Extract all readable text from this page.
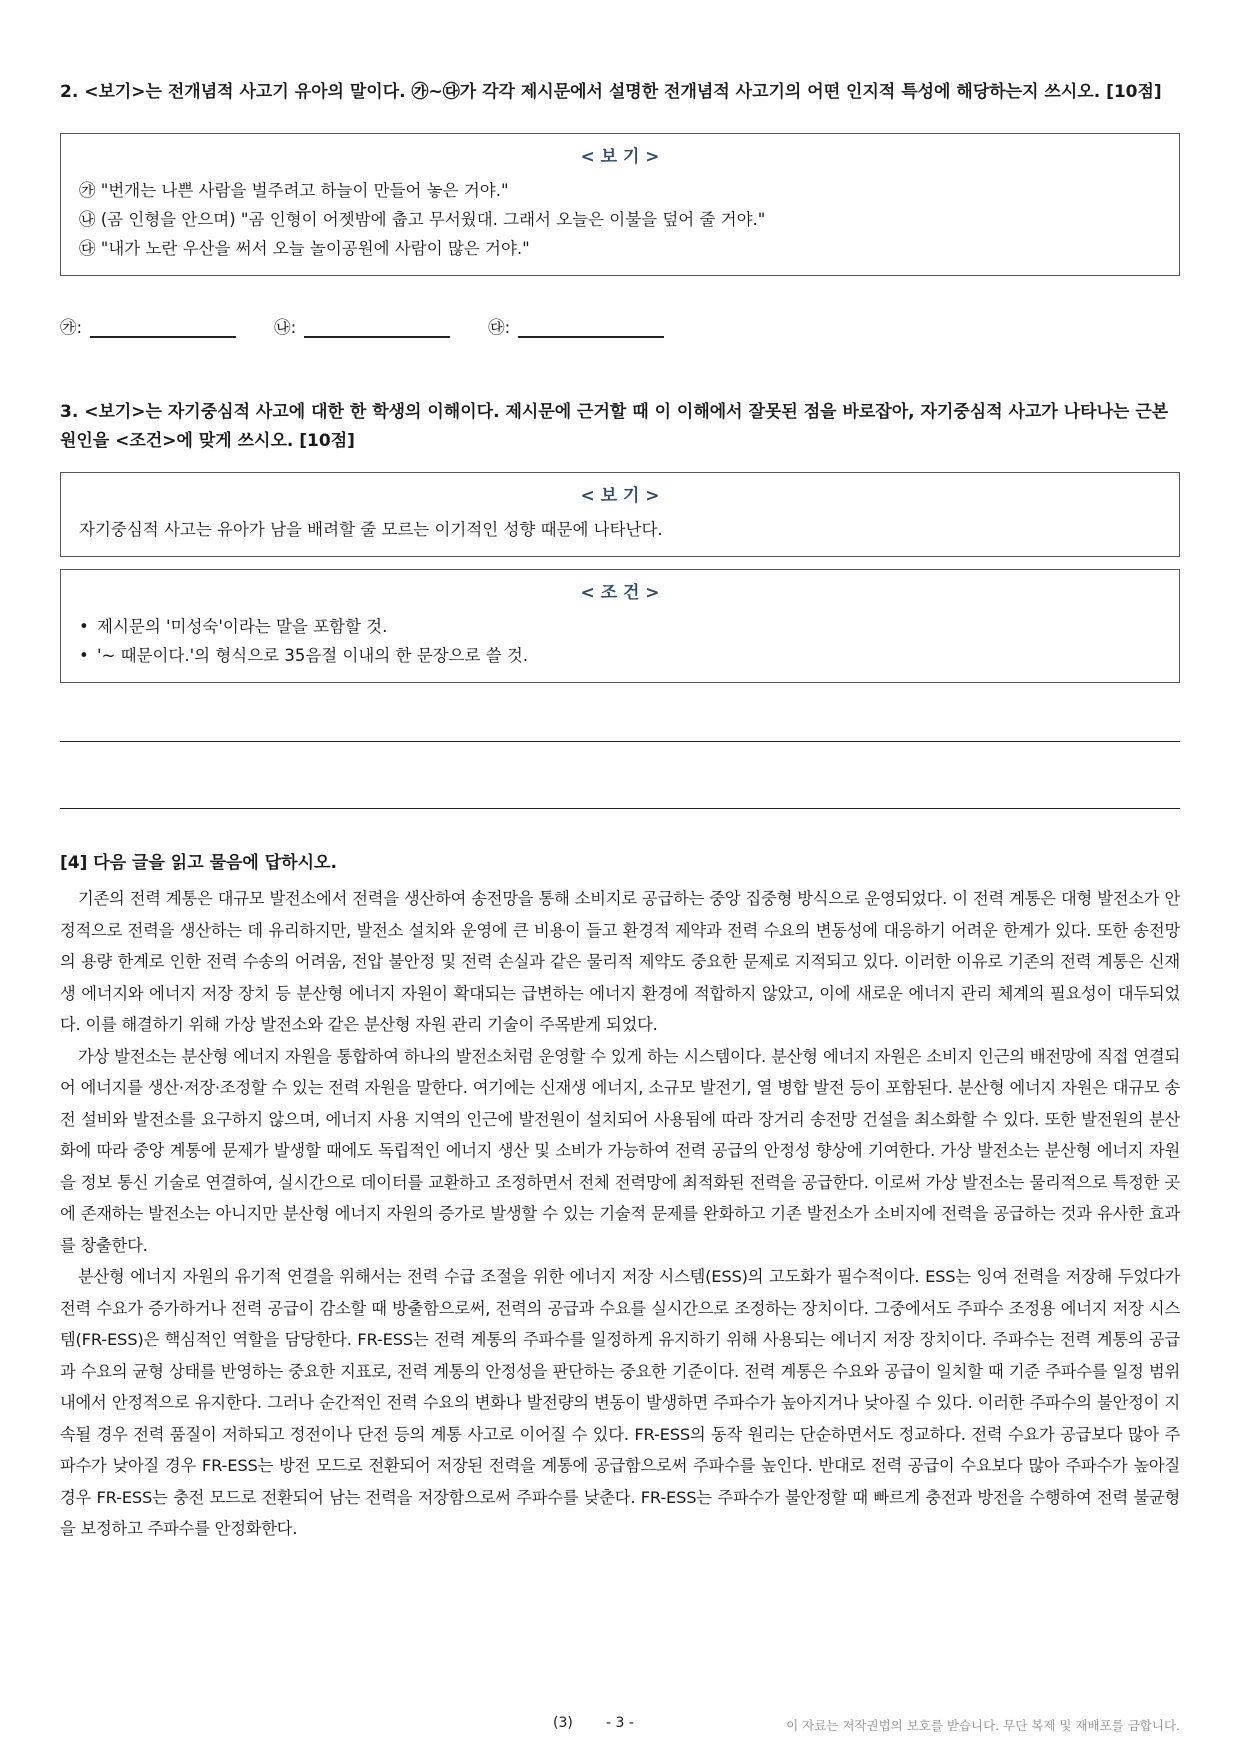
2. <보기>는 전개념적 사고기 유아의 말이다. ㉮~㉰가 각각 제시문에서 설명한 전개념적 사고기의 어떤 인지적 특성에 해당하는지 쓰시오. [10점]

< 보 기 >
㉮ "번개는 나쁜 사람을 벌주려고 하늘이 만들어 놓은 거야."
㉯ (곰 인형을 안으며) "곰 인형이 어젯밤에 춥고 무서웠대. 그래서 오늘은 이불을 덮어 줄 거야."
㉰ "내가 노란 우산을 써서 오늘 놀이공원에 사람이 많은 거야."
㉮:	㉯:	㉰:

3. <보기>는 자기중심적 사고에 대한 한 학생의 이해이다. 제시문에 근거할 때 이 이해에서 잘못된 점을 바로잡아, 자기중심적 사고가 나타나는 근본 원인을 <조건>에 맞게 쓰시오. [10점]

< 보 기 >
자기중심적 사고는 유아가 남을 배려할 줄 모르는 이기적인 성향 때문에 나타난다.
< 조 건 >
• 제시문의 '미성숙'이라는 말을 포함할 것.
• '~ 때문이다.'의 형식으로 35음절 이내의 한 문장으로 쓸 것.
[4] 다음 글을 읽고 물음에 답하시오.

기존의 전력 계통은 대규모 발전소에서 전력을 생산하여 송전망을 통해 소비지로 공급하는 중앙 집중형 방식으로 운영되었다. 이 전력 계통은 대형 발전소가 안정적으로 전력을 생산하는 데 유리하지만, 발전소 설치와 운영에 큰 비용이 들고 환경적 제약과 전력 수요의 변동성에 대응하기 어려운 한계가 있다. 또한 송전망의 용량 한계로 인한 전력 수송의 어려움, 전압 불안정 및 전력 손실과 같은 물리적 제약도 중요한 문제로 지적되고 있다. 이러한 이유로 기존의 전력 계통은 신재생 에너지와 에너지 저장 장치 등 분산형 에너지 자원이 확대되는 급변하는 에너지 환경에 적합하지 않았고, 이에 새로운 에너지 관리 체계의 필요성이 대두되었다. 이를 해결하기 위해 가상 발전소와 같은 분산형 자원 관리 기술이 주목받게 되었다.

가상 발전소는 분산형 에너지 자원을 통합하여 하나의 발전소처럼 운영할 수 있게 하는 시스템이다. 분산형 에너지 자원은 소비지 인근의 배전망에 직접 연결되어 에너지를 생산·저장·조정할 수 있는 전력 자원을 말한다. 여기에는 신재생 에너지, 소규모 발전기, 열 병합 발전 등이 포함된다. 분산형 에너지 자원은 대규모 송전 설비와 발전소를 요구하지 않으며, 에너지 사용 지역의 인근에 발전원이 설치되어 사용됨에 따라 장거리 송전망 건설을 최소화할 수 있다. 또한 발전원의 분산화에 따라 중앙 계통에 문제가 발생할 때에도 독립적인 에너지 생산 및 소비가 가능하여 전력 공급의 안정성 향상에 기여한다. 가상 발전소는 분산형 에너지 자원을 정보 통신 기술로 연결하여, 실시간으로 데이터를 교환하고 조정하면서 전체 전력망에 최적화된 전력을 공급한다. 이로써 가상 발전소는 물리적으로 특정한 곳에 존재하는 발전소는 아니지만 분산형 에너지 자원의 증가로 발생할 수 있는 기술적 문제를 완화하고 기존 발전소가 소비지에 전력을 공급하는 것과 유사한 효과를 창출한다.

분산형 에너지 자원의 유기적 연결을 위해서는 전력 수급 조절을 위한 에너지 저장 시스템(ESS)의 고도화가 필수적이다. ESS는 잉여 전력을 저장해 두었다가 전력 수요가 증가하거나 전력 공급이 감소할 때 방출함으로써, 전력의 공급과 수요를 실시간으로 조정하는 장치이다. 그중에서도 주파수 조정용 에너지 저장 시스템(FR-ESS)은 핵심적인 역할을 담당한다. FR-ESS는 전력 계통의 주파수를 일정하게 유지하기 위해 사용되는 에너지 저장 장치이다. 주파수는 전력 계통의 공급과 수요의 균형 상태를 반영하는 중요한 지표로, 전력 계통의 안정성을 판단하는 중요한 기준이다. 전력 계통은 수요와 공급이 일치할 때 기준 주파수를 일정 범위 내에서 안정적으로 유지한다. 그러나 순간적인 전력 수요의 변화나 발전량의 변동이 발생하면 주파수가 높아지거나 낮아질 수 있다. 이러한 주파수의 불안정이 지속될 경우 전력 품질이 저하되고 정전이나 단전 등의 계통 사고로 이어질 수 있다. FR-ESS의 동작 원리는 단순하면서도 정교하다. 전력 수요가 공급보다 많아 주파수가 낮아질 경우 FR-ESS는 방전 모드로 전환되어 저장된 전력을 계통에 공급함으로써 주파수를 높인다. 반대로 전력 공급이 수요보다 많아 주파수가 높아질 경우 FR-ESS는 충전 모드로 전환되어 남는 전력을 저장함으로써 주파수를 낮춘다. FR-ESS는 주파수가 불안정할 때 빠르게 충전과 방전을 수행하여 전력 불균형을 보정하고 주파수를 안정화한다.

(3) - 3 -	이 자료는 저작권법의 보호를 받습니다. 무단 복제 및 재배포를 금합니다.
